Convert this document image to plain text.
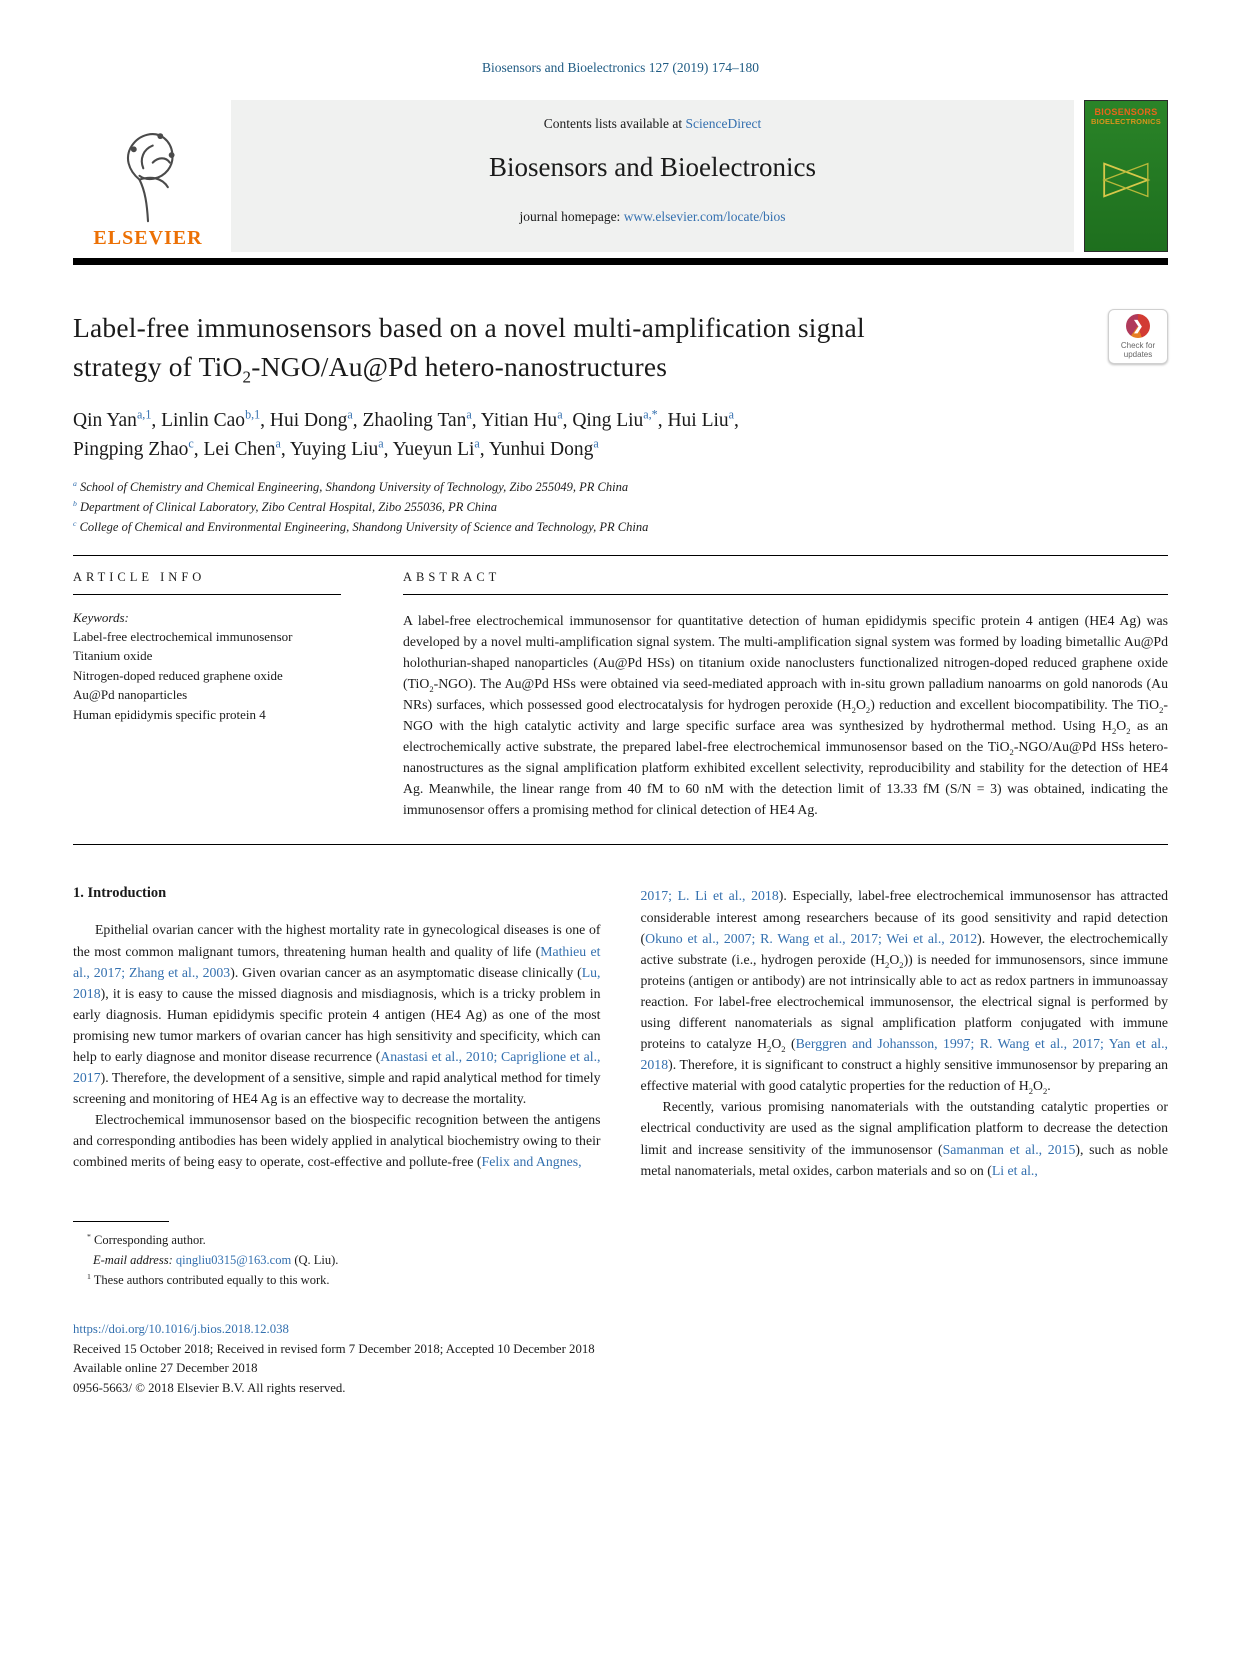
Biosensors and Bioelectronics 127 (2019) 174–180
ELSEVIER
Contents lists available at ScienceDirect
Biosensors and Bioelectronics
journal homepage: www.elsevier.com/locate/bios
BIOSENSORS
BIOELECTRONICS
Label-free immunosensors based on a novel multi-amplification signal
strategy of TiO$_2$-NGO/Au@Pd hetero-nanostructures
❯
Check for updates
Qin Yan$^{a,1}$, Linlin Cao$^{b,1}$, Hui Dong$^a$, Zhaoling Tan$^a$, Yitian Hu$^a$, Qing Liu$^{a,*}$, Hui Liu$^a$,
Pingping Zhao$^c$, Lei Chen$^a$, Yuying Liu$^a$, Yueyun Li$^a$, Yunhui Dong$^a$
$^a$ School of Chemistry and Chemical Engineering, Shandong University of Technology, Zibo 255049, PR China
$^b$ Department of Clinical Laboratory, Zibo Central Hospital, Zibo 255036, PR China
$^c$ College of Chemical and Environmental Engineering, Shandong University of Science and Technology, PR China
ARTICLE INFO
Keywords:
Label-free electrochemical immunosensor
Titanium oxide
Nitrogen-doped reduced graphene oxide
Au@Pd nanoparticles
Human epididymis specific protein 4
ABSTRACT

A label-free electrochemical immunosensor for quantitative detection of human epididymis specific protein 4 antigen (HE4 Ag) was developed by a novel multi-amplification signal system. The multi-amplification signal system was formed by loading bimetallic Au@Pd holothurian-shaped nanoparticles (Au@Pd HSs) on titanium oxide nanoclusters functionalized nitrogen-doped reduced graphene oxide (TiO$_2$-NGO). The Au@Pd HSs were obtained via seed-mediated approach with in-situ grown palladium nanoarms on gold nanorods (Au NRs) surfaces, which possessed good electrocatalysis for hydrogen peroxide $(H_2O_2)$ reduction and excellent biocompatibility. The TiO$_2$-NGO with the high catalytic activity and large specific surface area was synthesized by hydrothermal method. Using $H_2O_2$ as an electrochemically active substrate, the prepared label-free electrochemical immunosensor based on the TiO$_2$-NGO/Au@Pd HSs hetero-nanostructures as the signal amplification platform exhibited excellent selectivity, reproducibility and stability for the detection of HE4 Ag. Meanwhile, the linear range from 40 fM to 60 nM with the detection limit of 13.33 fM (S/N = 3) was obtained, indicating the immunosensor offers a promising method for clinical detection of HE4 Ag.

1. Introduction
Epithelial ovarian cancer with the highest mortality rate in gynecological diseases is one of the most common malignant tumors, threatening human health and quality of life (Mathieu et al., 2017; Zhang et al., 2003). Given ovarian cancer as an asymptomatic disease clinically (Lu, 2018), it is easy to cause the missed diagnosis and misdiagnosis, which is a tricky problem in early diagnosis. Human epididymis specific protein 4 antigen (HE4 Ag) as one of the most promising new tumor markers of ovarian cancer has high sensitivity and specificity, which can help to early diagnose and monitor disease recurrence (Anastasi et al., 2010; Capriglione et al., 2017). Therefore, the development of a sensitive, simple and rapid analytical method for timely screening and monitoring of HE4 Ag is an effective way to decrease the mortality.
Electrochemical immunosensor based on the biospecific recognition between the antigens and corresponding antibodies has been widely applied in analytical biochemistry owing to their combined merits of being easy to operate, cost-effective and pollute-free (Felix and Angnes,
2017; L. Li et al., 2018). Especially, label-free electrochemical immunosensor has attracted considerable interest among researchers because of its good sensitivity and rapid detection (Okuno et al., 2007; R. Wang et al., 2017; Wei et al., 2012). However, the electrochemically active substrate (i.e., hydrogen peroxide $(H_2O_2)$) is needed for immunosensors, since immune proteins (antigen or antibody) are not intrinsically able to act as redox partners in immunoassay reaction. For label-free electrochemical immunosensor, the electrical signal is performed by using different nanomaterials as signal amplification platform conjugated with immune proteins to catalyze $H_2O_2$ (Berggren and Johansson, 1997; R. Wang et al., 2017; Yan et al., 2018). Therefore, it is significant to construct a highly sensitive immunosensor by preparing an effective material with good catalytic properties for the reduction of $H_2O_2$.
Recently, various promising nanomaterials with the outstanding catalytic properties or electrical conductivity are used as the signal amplification platform to decrease the detection limit and increase sensitivity of the immunosensor (Samanman et al., 2015), such as noble metal nanomaterials, metal oxides, carbon materials and so on (Li et al.,
* Corresponding author.
E-mail address: qingliu0315@163.com (Q. Liu).
$^1$ These authors contributed equally to this work.
https://doi.org/10.1016/j.bios.2018.12.038
Received 15 October 2018; Received in revised form 7 December 2018; Accepted 10 December 2018
Available online 27 December 2018
0956-5663/ © 2018 Elsevier B.V. All rights reserved.
